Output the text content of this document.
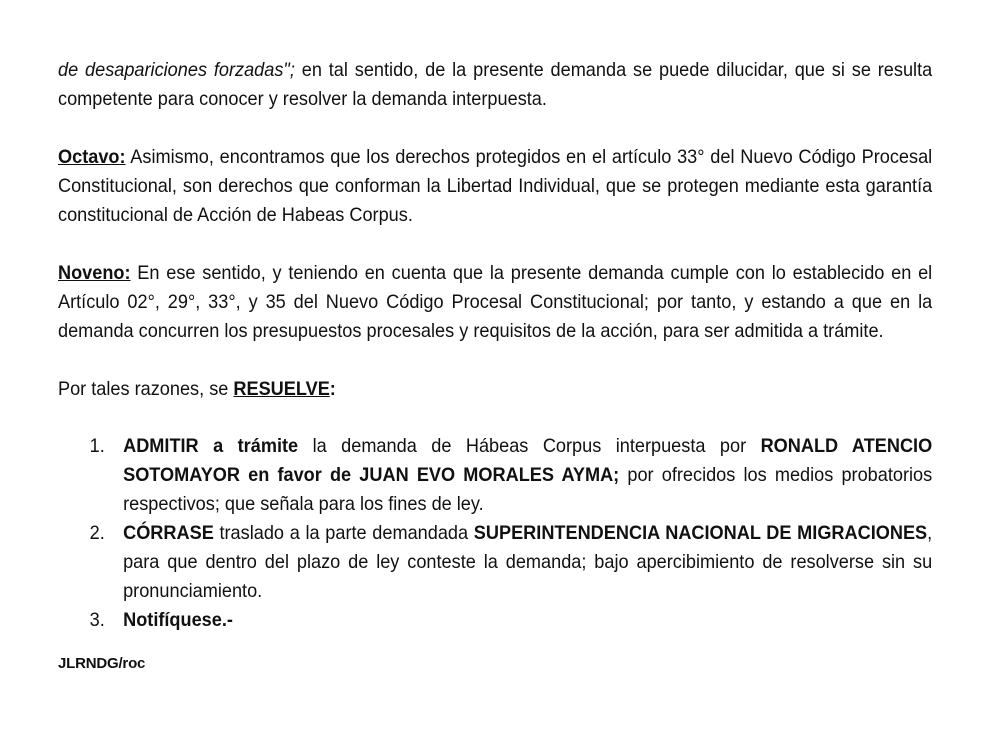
de desapariciones forzadas"; en tal sentido, de la presente demanda se puede dilucidar, que si se resulta competente para conocer y resolver la demanda interpuesta.

Octavo: Asimismo, encontramos que los derechos protegidos en el artículo 33° del Nuevo Código Procesal Constitucional, son derechos que conforman la Libertad Individual, que se protegen mediante esta garantía constitucional de Acción de Habeas Corpus.

Noveno: En ese sentido, y teniendo en cuenta que la presente demanda cumple con lo establecido en el Artículo 02°, 29°, 33°, y 35 del Nuevo Código Procesal Constitucional; por tanto, y estando a que en la demanda concurren los presupuestos procesales y requisitos de la acción, para ser admitida a trámite.

Por tales razones, se RESUELVE:

1. ADMITIR a trámite la demanda de Hábeas Corpus interpuesta por RONALD ATENCIO SOTOMAYOR en favor de JUAN EVO MORALES AYMA; por ofrecidos los medios probatorios respectivos; que señala para los fines de ley.
2. CÓRRASE traslado a la parte demandada SUPERINTENDENCIA NACIONAL DE MIGRACIONES, para que dentro del plazo de ley conteste la demanda; bajo apercibimiento de resolverse sin su pronunciamiento.
3. Notifíquese.-
JLRNDG/roc
